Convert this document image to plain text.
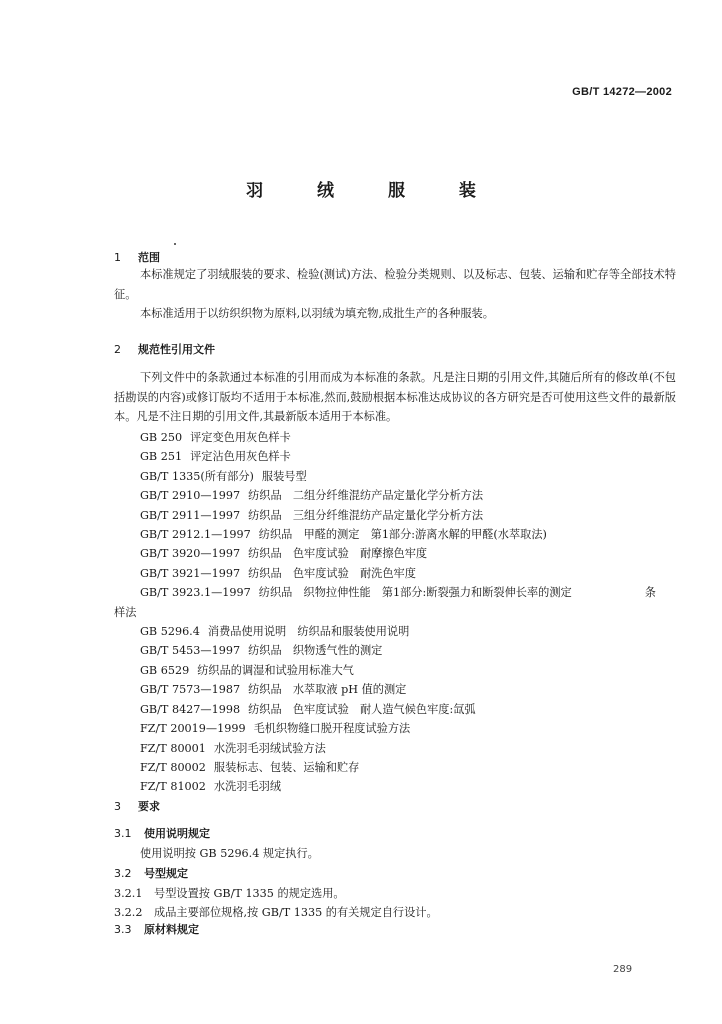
GB/T 14272—2002
羽 绒 服 装
1 范围

本标准规定了羽绒服装的要求、检验(测试)方法、检验分类规则、以及标志、包装、运输和贮存等全部技术特征。

本标准适用于以纺织织物为原料,以羽绒为填充物,成批生产的各种服装。

2 规范性引用文件

下列文件中的条款通过本标准的引用而成为本标准的条款。凡是注日期的引用文件,其随后所有的修改单(不包括勘误的内容)或修订版均不适用于本标准,然而,鼓励根据本标准达成协议的各方研究是否可使用这些文件的最新版本。凡是不注日期的引用文件,其最新版本适用于本标准。

GB 250 评定变色用灰色样卡
GB 251 评定沾色用灰色样卡
GB/T 1335(所有部分) 服装号型
GB/T 2910—1997 纺织品　二组分纤维混纺产品定量化学分析方法
GB/T 2911—1997 纺织品　三组分纤维混纺产品定量化学分析方法
GB/T 2912.1—1997 纺织品　甲醛的测定　第1部分:游离水解的甲醛(水萃取法)
GB/T 3920—1997 纺织品　色牢度试验　耐摩擦色牢度
GB/T 3921—1997 纺织品　色牢度试验　耐洗色牢度
GB/T 3923.1—1997 纺织品　织物拉伸性能　第1部分:断裂强力和断裂伸长率的测定	条
样法
GB 5296.4 消费品使用说明　纺织品和服装使用说明
GB/T 5453—1997 纺织品　织物透气性的测定
GB 6529 纺织品的调湿和试验用标准大气
GB/T 7573—1987 纺织品　水萃取液 pH 值的测定
GB/T 8427—1998 纺织品　色牢度试验　耐人造气候色牢度:氙弧
FZ/T 20019—1999 毛机织物缝口脱开程度试验方法
FZ/T 80001 水洗羽毛羽绒试验方法
FZ/T 80002 服装标志、包装、运输和贮存
FZ/T 81002 水洗羽毛羽绒
3 要求
3.1 使用说明规定
使用说明按 GB 5296.4 规定执行。
3.2 号型规定
3.2.1 号型设置按 GB/T 1335 的规定选用。
3.2.2 成品主要部位规格,按 GB/T 1335 的有关规定自行设计。
3.3 原材料规定
289
